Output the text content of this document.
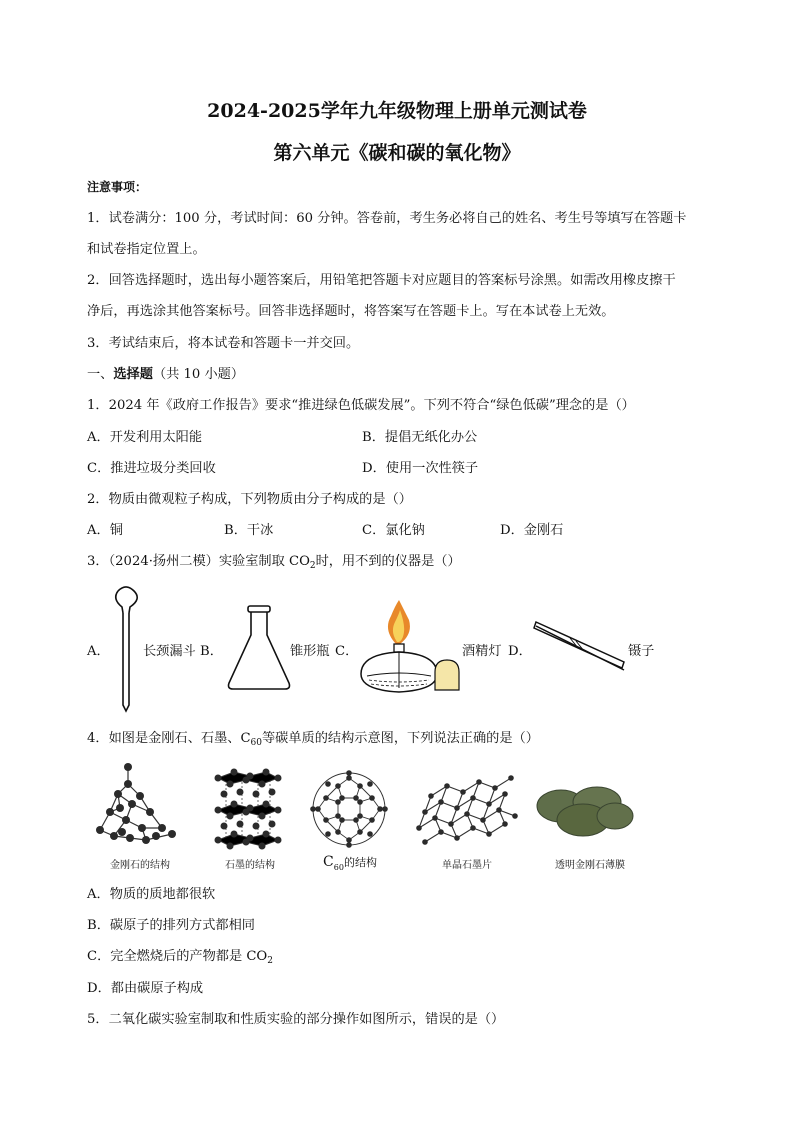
2024-2025学年九年级物理上册单元测试卷
第六单元《碳和碳的氧化物》
注意事项：
1．试卷满分：100 分，考试时间：60 分钟。答卷前，考生务必将自己的姓名、考生号等填写在答题卡
和试卷指定位置上。
2．回答选择题时，选出每小题答案后，用铅笔把答题卡对应题目的答案标号涂黑。如需改用橡皮擦干
净后，再选涂其他答案标号。回答非选择题时，将答案写在答题卡上。写在本试卷上无效。
3．考试结束后，将本试卷和答题卡一并交回。
一、选择题（共 10 小题）
1．2024 年《政府工作报告》要求“推进绿色低碳发展”。下列不符合“绿色低碳”理念的是（）
A．开发利用太阳能	B．提倡无纸化办公
C．推进垃圾分类回收	D．使用一次性筷子
2．物质由微观粒子构成，下列物质由分子构成的是（）
A．铜	B．干冰	C．氯化钠	D．金刚石
3．（2024·扬州二模）实验室制取 $CO_2$时，用不到的仪器是（）
A．	长颈漏斗 B．	锥形瓶 C．	酒精灯 D．	镊子
4．如图是金刚石、石墨、$C_{60}$等碳单质的结构示意图，下列说法正确的是（）
金刚石的结构	石墨的结构	$C_{60}$的结构	单晶石墨片	透明金刚石薄膜
A．物质的质地都很软
B．碳原子的排列方式都相同
C．完全燃烧后的产物都是 $CO_2$
D．都由碳原子构成
5．二氧化碳实验室制取和性质实验的部分操作如图所示，错误的是（）
